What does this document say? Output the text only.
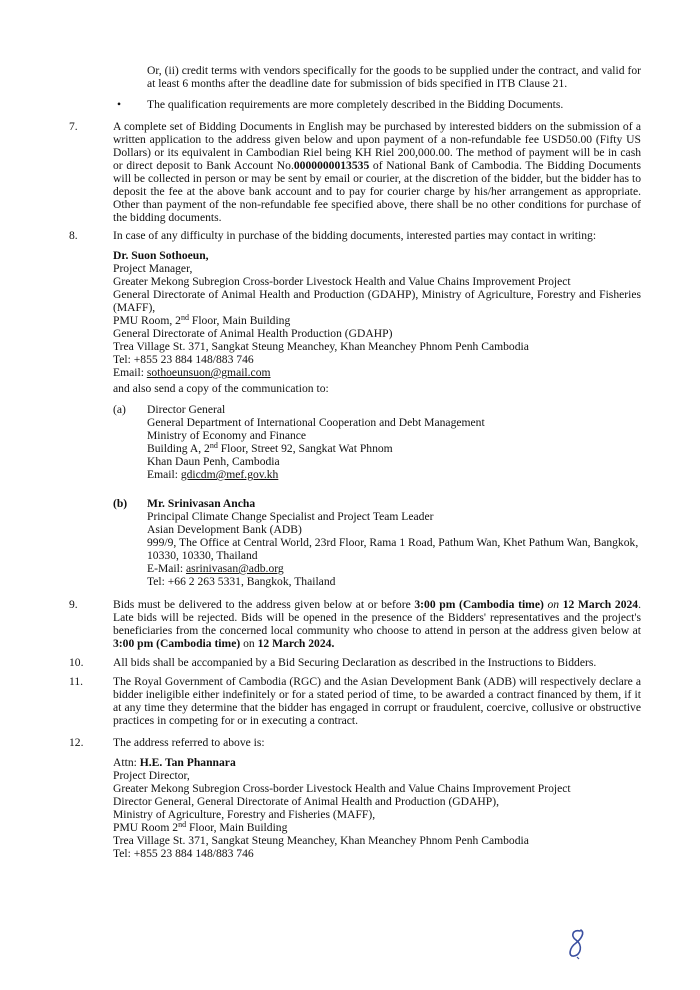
Or, (ii) credit terms with vendors specifically for the goods to be supplied under the contract, and valid for at least 6 months after the deadline date for submission of bids specified in ITB Clause 21.

• The qualification requirements are more completely described in the Bidding Documents.

7.	A complete set of Bidding Documents in English may be purchased by interested bidders on the submission of a written application to the address given below and upon payment of a non-refundable fee USD50.00 (Fifty US Dollars) or its equivalent in Cambodian Riel being KH Riel 200,000.00. The method of payment will be in cash or direct deposit to Bank Account No.0000000013535 of National Bank of Cambodia. The Bidding Documents will be collected in person or may be sent by email or courier, at the discretion of the bidder, but the bidder has to deposit the fee at the above bank account and to pay for courier charge by his/her arrangement as appropriate. Other than payment of the non-refundable fee specified above, there shall be no other conditions for purchase of the bidding documents.

8.	In case of any difficulty in purchase of the bidding documents, interested parties may contact in writing:

Dr. Suon Sothoeun,

Project Manager,

Greater Mekong Subregion Cross-border Livestock Health and Value Chains Improvement Project

General Directorate of Animal Health and Production (GDAHP), Ministry of Agriculture, Forestry and Fisheries (MAFF),

PMU Room, 2nd Floor, Main Building

General Directorate of Animal Health Production (GDAHP)

Trea Village St. 371, Sangkat Steung Meanchey, Khan Meanchey Phnom Penh Cambodia

Tel: +855 23 884 148/883 746

Email: sothoeunsuon@gmail.com

and also send a copy of the communication to:

(a) Director General

General Department of International Cooperation and Debt Management

Ministry of Economy and Finance

Building A, 2nd Floor, Street 92, Sangkat Wat Phnom

Khan Daun Penh, Cambodia

Email: gdicdm@mef.gov.kh

(b) Mr. Srinivasan Ancha

Principal Climate Change Specialist and Project Team Leader

Asian Development Bank (ADB)

999/9, The Office at Central World, 23rd Floor, Rama 1 Road, Pathum Wan, Khet Pathum Wan, Bangkok, 10330, 10330, Thailand

E-Mail: asrinivasan@adb.org

Tel: +66 2 263 5331, Bangkok, Thailand

9.	Bids must be delivered to the address given below at or before 3:00 pm (Cambodia time) on 12 March 2024. Late bids will be rejected. Bids will be opened in the presence of the Bidders' representatives and the project's beneficiaries from the concerned local community who choose to attend in person at the address given below at 3:00 pm (Cambodia time) on 12 March 2024.

10.	All bids shall be accompanied by a Bid Securing Declaration as described in the Instructions to Bidders.

11.	The Royal Government of Cambodia (RGC) and the Asian Development Bank (ADB) will respectively declare a bidder ineligible either indefinitely or for a stated period of time, to be awarded a contract financed by them, if it at any time they determine that the bidder has engaged in corrupt or fraudulent, coercive, collusive or obstructive practices in competing for or in executing a contract.

12.	The address referred to above is:

Attn: H.E. Tan Phannara

Project Director,

Greater Mekong Subregion Cross-border Livestock Health and Value Chains Improvement Project

Director General, General Directorate of Animal Health and Production (GDAHP),

Ministry of Agriculture, Forestry and Fisheries (MAFF),

PMU Room 2nd Floor, Main Building

Trea Village St. 371, Sangkat Steung Meanchey, Khan Meanchey Phnom Penh Cambodia

Tel: +855 23 884 148/883 746
